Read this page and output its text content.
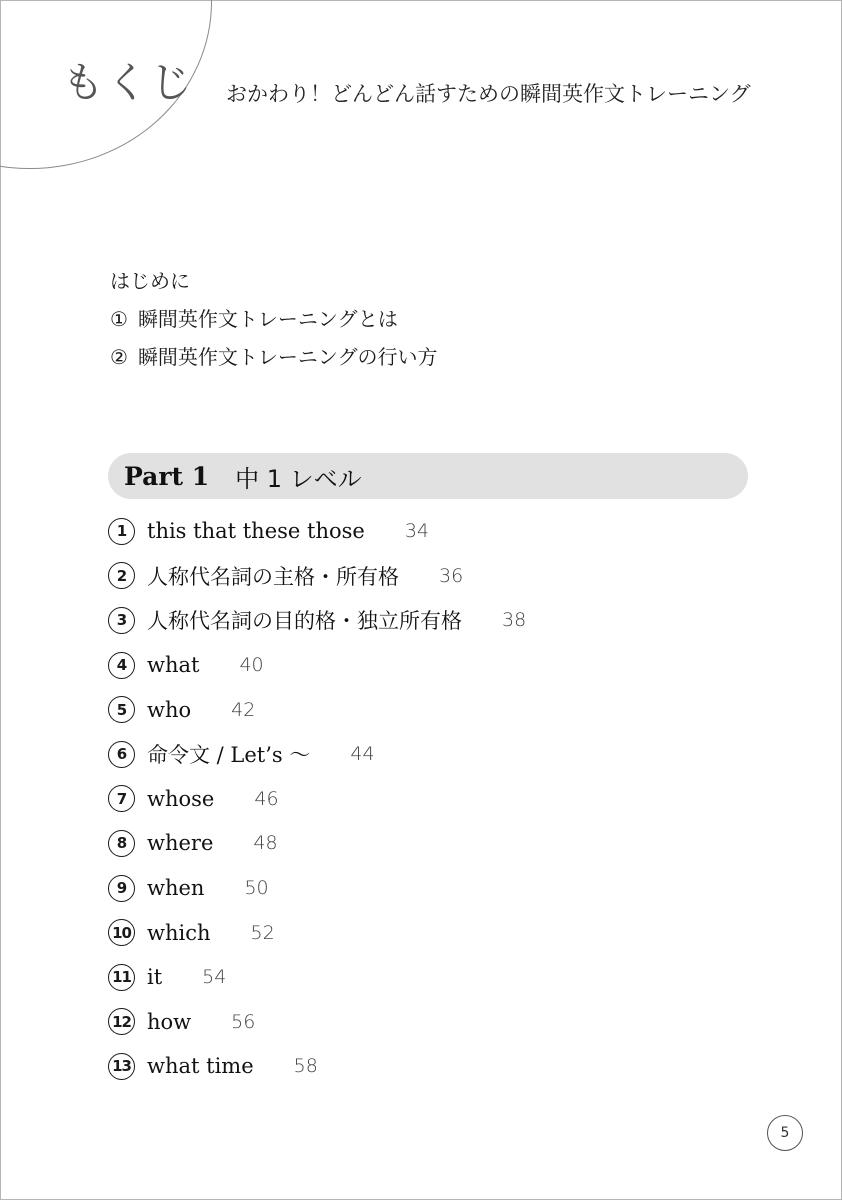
もくじ おかわり！どんどん話すための瞬間英作文トレーニング
はじめに
① 瞬間英作文トレーニングとは
② 瞬間英作文トレーニングの行い方
Part 1 中 1 レベル
1 this that these those 34
2 人称代名詞の主格・所有格 36
3 人称代名詞の目的格・独立所有格 38
4 what 40
5 who 42
6 命令文 / Let’s 〜 44
7 whose 46
8 where 48
9 when 50
10 which 52
11 it 54
12 how 56
13 what time 58
5
